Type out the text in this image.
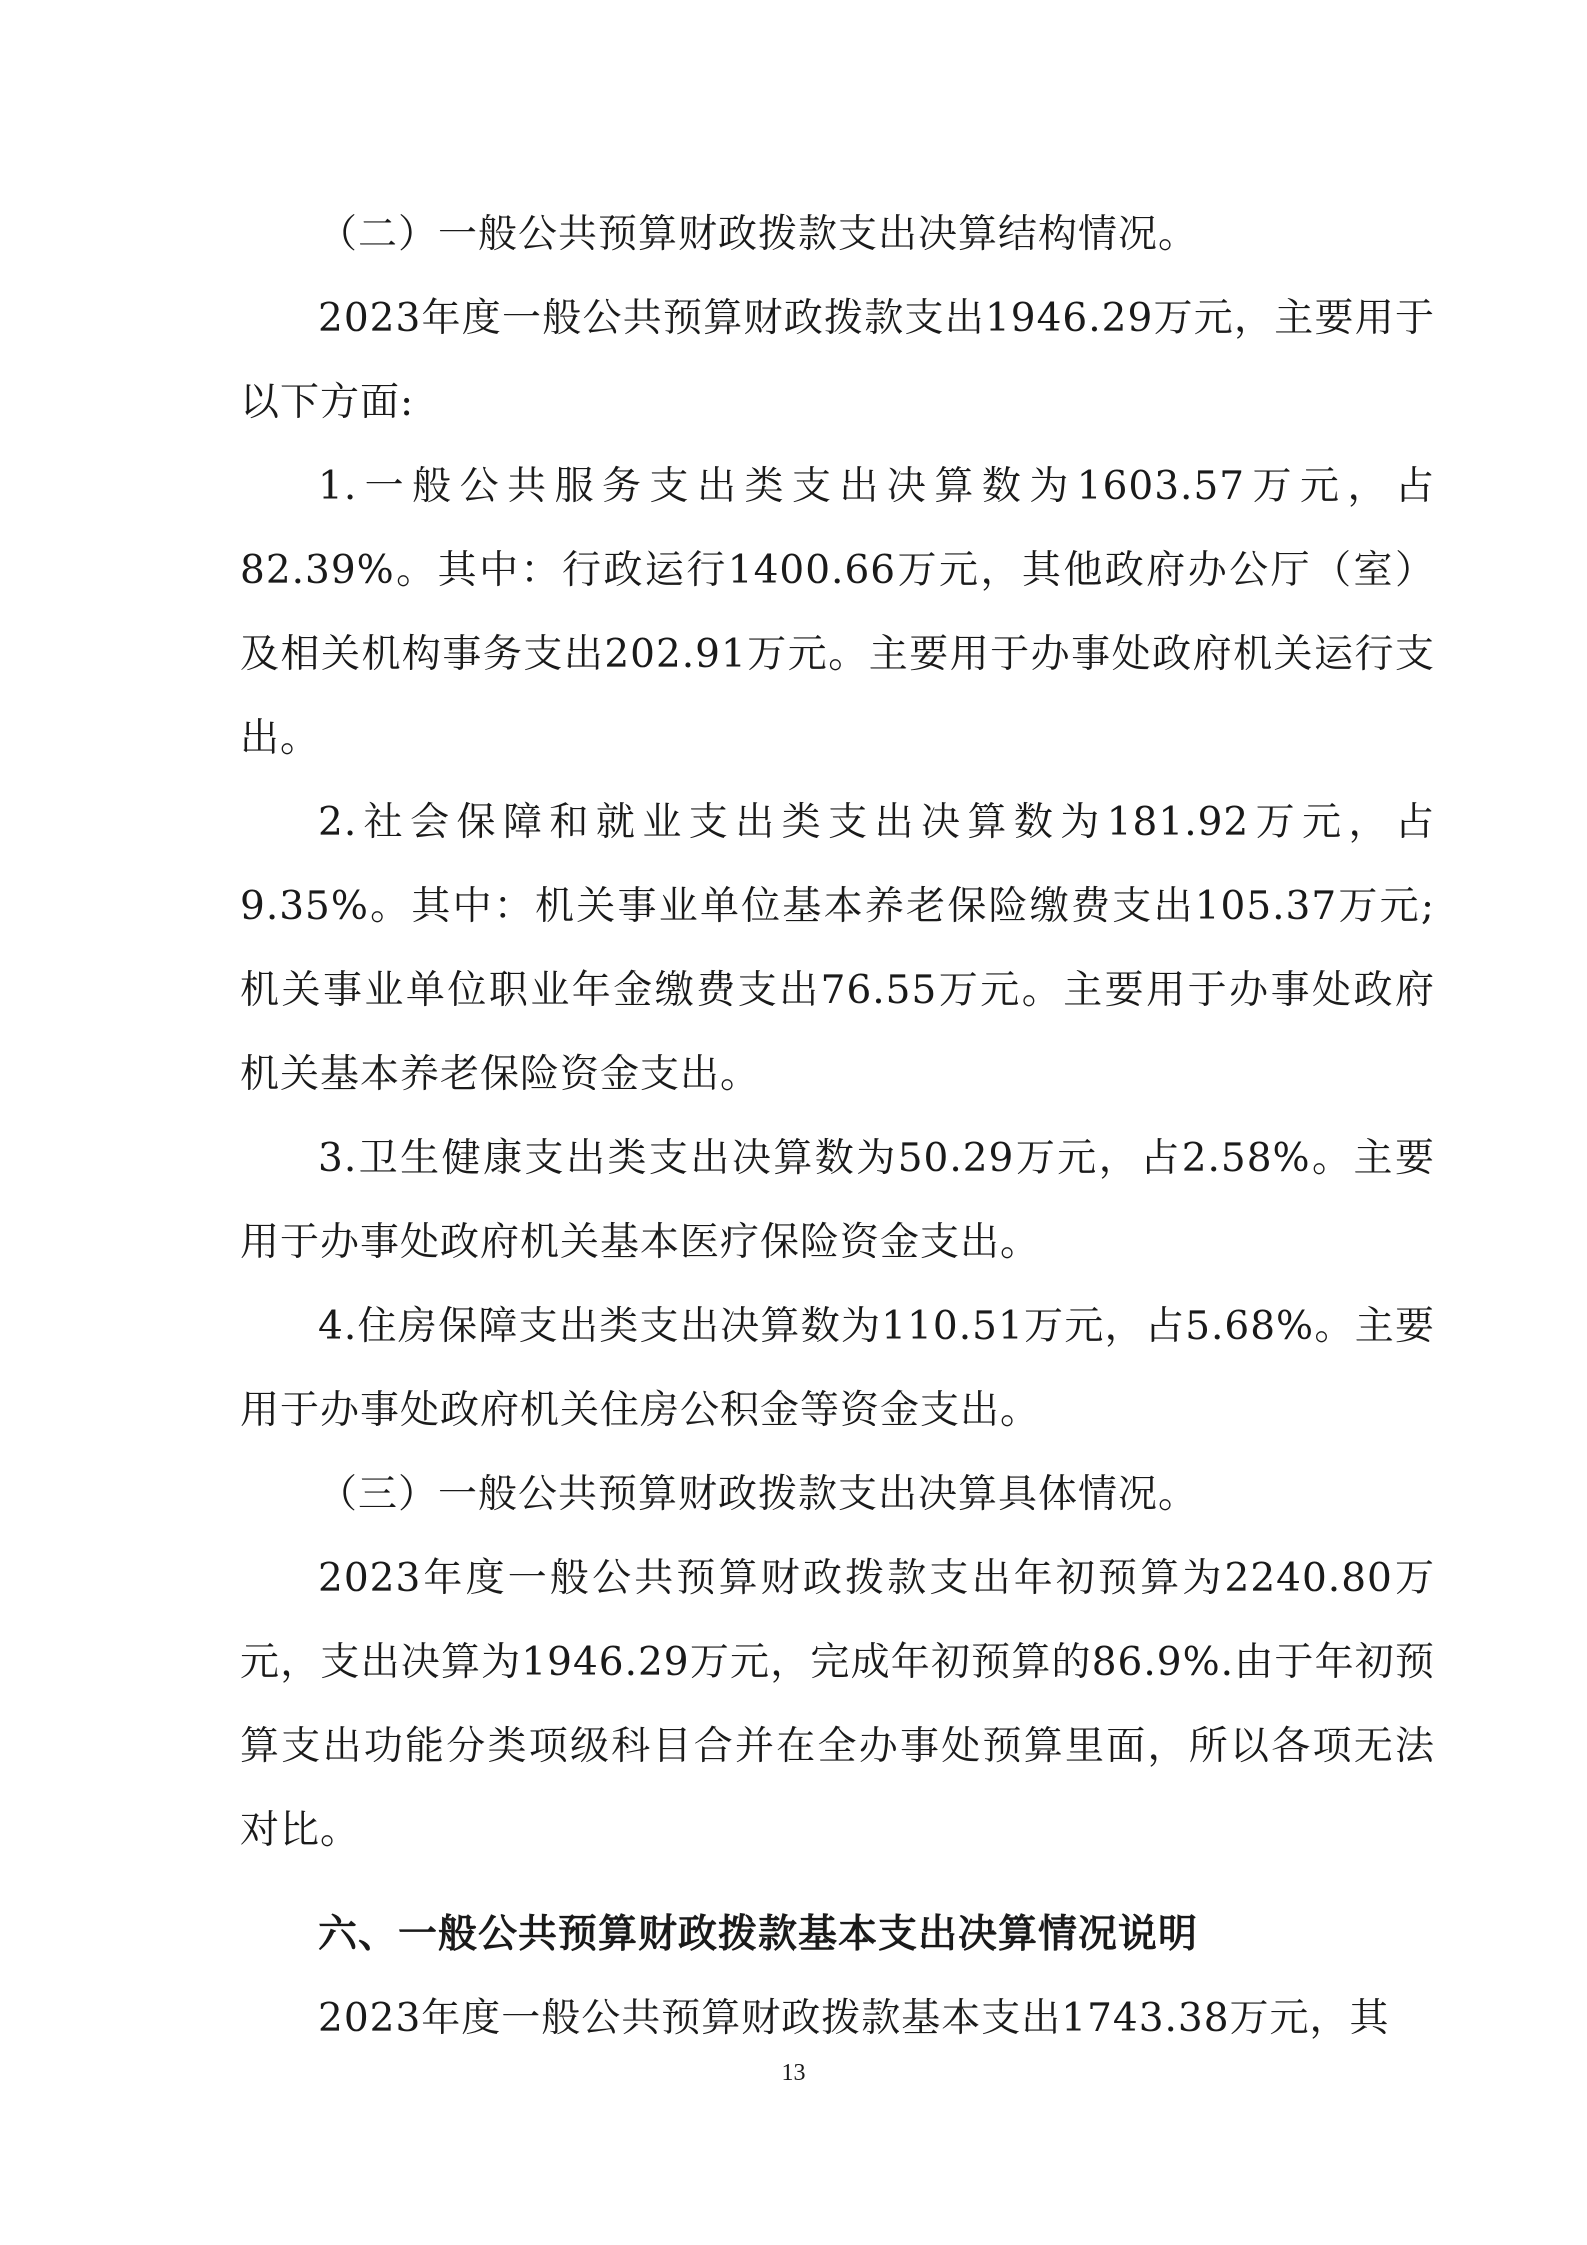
（二）一般公共预算财政拨款支出决算结构情况。

2023年度一般公共预算财政拨款支出1946.29万元，主要用于以下方面:

1.一般公共服务支出类支出决算数为1603.57万元，占82.39%。其中：行政运行1400.66万元，其他政府办公厅（室）及相关机构事务支出202.91万元。主要用于办事处政府机关运行支出。

2.社会保障和就业支出类支出决算数为181.92万元，占9.35%。其中：机关事业单位基本养老保险缴费支出105.37万元;机关事业单位职业年金缴费支出76.55万元。主要用于办事处政府机关基本养老保险资金支出。

3.卫生健康支出类支出决算数为50.29万元，占2.58%。主要用于办事处政府机关基本医疗保险资金支出。

4.住房保障支出类支出决算数为110.51万元，占5.68%。主要用于办事处政府机关住房公积金等资金支出。

（三）一般公共预算财政拨款支出决算具体情况。

2023年度一般公共预算财政拨款支出年初预算为2240.80万元，支出决算为1946.29万元，完成年初预算的86.9%.由于年初预算支出功能分类项级科目合并在全办事处预算里面，所以各项无法对比。

六、一般公共预算财政拨款基本支出决算情况说明

2023年度一般公共预算财政拨款基本支出1743.38万元，其

13
